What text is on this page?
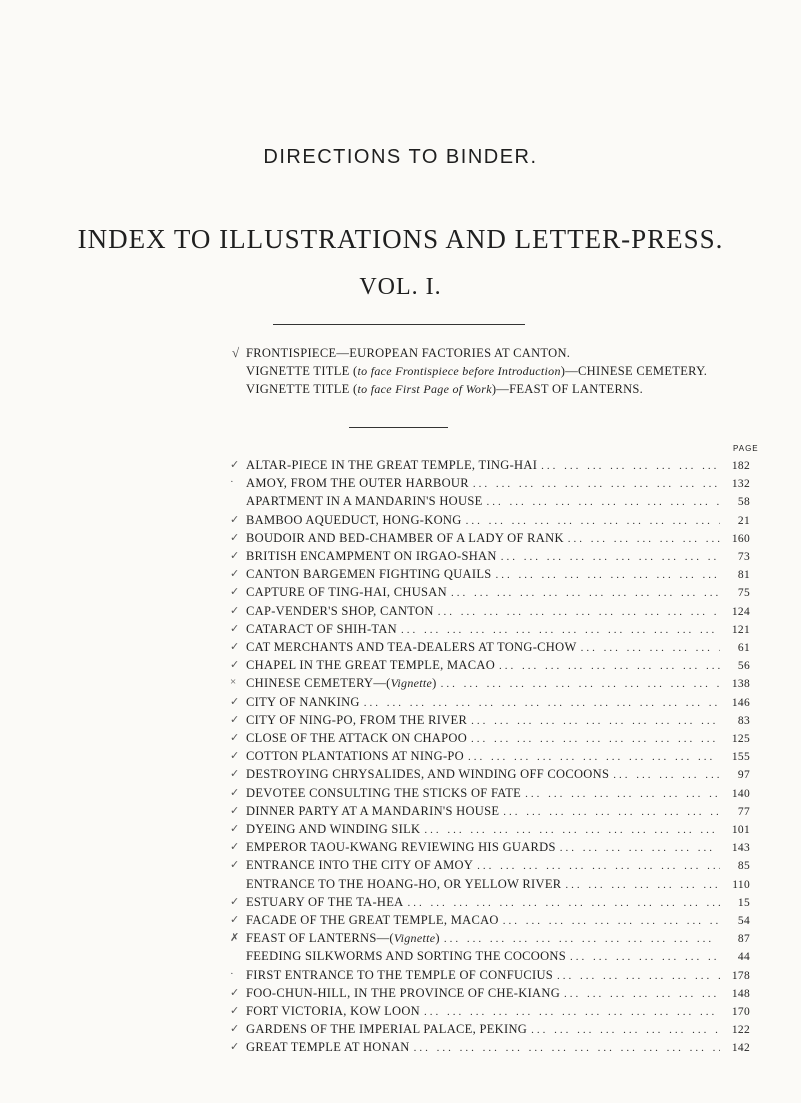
DIRECTIONS TO BINDER.
INDEX TO ILLUSTRATIONS AND LETTER-PRESS.
VOL. I.
√ FRONTISPIECE—EUROPEAN FACTORIES AT CANTON.
VIGNETTE TITLE (to face Frontispiece before Introduction)—CHINESE CEMETERY.
VIGNETTE TITLE (to face First Page of Work)—FEAST OF LANTERNS.
PAGE
✓ ALTAR-PIECE IN THE GREAT TEMPLE, TING-HAI ... .	182
· AMOY, FROM THE OUTER HARBOUR ... .	132
APARTMENT IN A MANDARIN'S HOUSE ... .	58
✓ BAMBOO AQUEDUCT, HONG-KONG ... .	21
✓ BOUDOIR AND BED-CHAMBER OF A LADY OF RANK ... .	160
✓ BRITISH ENCAMPMENT ON IRGAO-SHAN ... .	73
✓ CANTON BARGEMEN FIGHTING QUAILS ... .	81
✓ CAPTURE OF TING-HAI, CHUSAN ... .	75
✓ CAP-VENDER'S SHOP, CANTON ... .	124
✓ CATARACT OF SHIH-TAN ... .	121
✓ CAT MERCHANTS AND TEA-DEALERS AT TONG-CHOW ... .	61
✓ CHAPEL IN THE GREAT TEMPLE, MACAO ... .	56
× CHINESE CEMETERY—(Vignette) ... .	138
✓ CITY OF NANKING ... .	146
✓ CITY OF NING-PO, FROM THE RIVER ... .	83
✓ CLOSE OF THE ATTACK ON CHAPOO ... .	125
✓ COTTON PLANTATIONS AT NING-PO ... .	155
✓ DESTROYING CHRYSALIDES, AND WINDING OFF COCOONS ... .	97
✓ DEVOTEE CONSULTING THE STICKS OF FATE ... .	140
✓ DINNER PARTY AT A MANDARIN'S HOUSE ... .	77
✓ DYEING AND WINDING SILK ... .	101
✓ EMPEROR TAOU-KWANG REVIEWING HIS GUARDS ... .	143
✓ ENTRANCE INTO THE CITY OF AMOY ... .	85
ENTRANCE TO THE HOANG-HO, OR YELLOW RIVER ... .	110
✓ ESTUARY OF THE TA-HEA ... .	15
✓ FACADE OF THE GREAT TEMPLE, MACAO ... .	54
✗ FEAST OF LANTERNS—(Vignette) ... .	87
FEEDING SILKWORMS AND SORTING THE COCOONS ... .	44
· FIRST ENTRANCE TO THE TEMPLE OF CONFUCIUS ... .	178
✓ FOO-CHUN-HILL, IN THE PROVINCE OF CHE-KIANG ... .	148
✓ FORT VICTORIA, KOW LOON ... .	170
✓ GARDENS OF THE IMPERIAL PALACE, PEKING ... .	122
✓ GREAT TEMPLE AT HONAN ... .	142
